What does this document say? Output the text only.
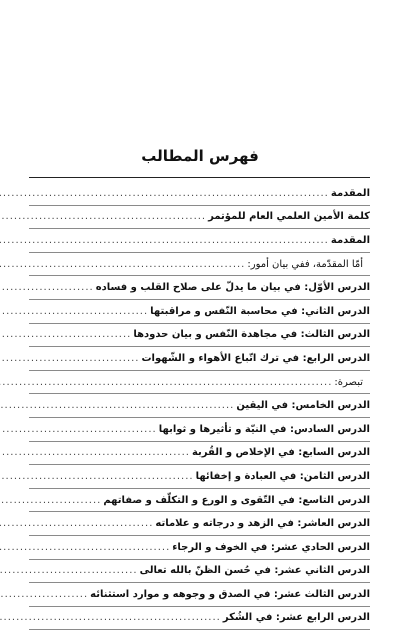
فهرس المطالب
المقدمة
.....
كلمة الأمين العلمي العام للمؤتمر
.....
المقدمة
.....
أمّا المقدّمة، ففي بيان أمور:
.....
الدرس الأوّل: في بيان ما يدلّ على صلاح القلب و فساده
.....
الدرس الثاني: في محاسبة النّفس و مراقبتها
.....
الدرس الثالث: في مجاهدة النّفس و بيان حدودها
.....
الدرس الرابع: في ترك اتّباع الأهواء و الشّهوات
.....
تبصرة:
.....
الدرس الخامس: في اليقين
.....
الدرس السادس: في النيّة و تأثيرها و ثوابها
.....
الدرس السابع: في الإخلاص و القُربة
.....
الدرس الثامن: في العبادة و إخفائها
.....
الدرس التاسع: في التّقوى و الورع و التكلّف و صفاتهم
.....
الدرس العاشر: في الزهد و درجاته و علاماته
.....
الدرس الحادي عشر: في الخوف و الرجاء
.....
الدرس الثاني عشر: في حُسن الظنّ بالله تعالى
.....
الدرس الثالث عشر: في الصدق و وجوهه و موارد استثنائه
.....
الدرس الرابع عشر: في الشُكر
.....
